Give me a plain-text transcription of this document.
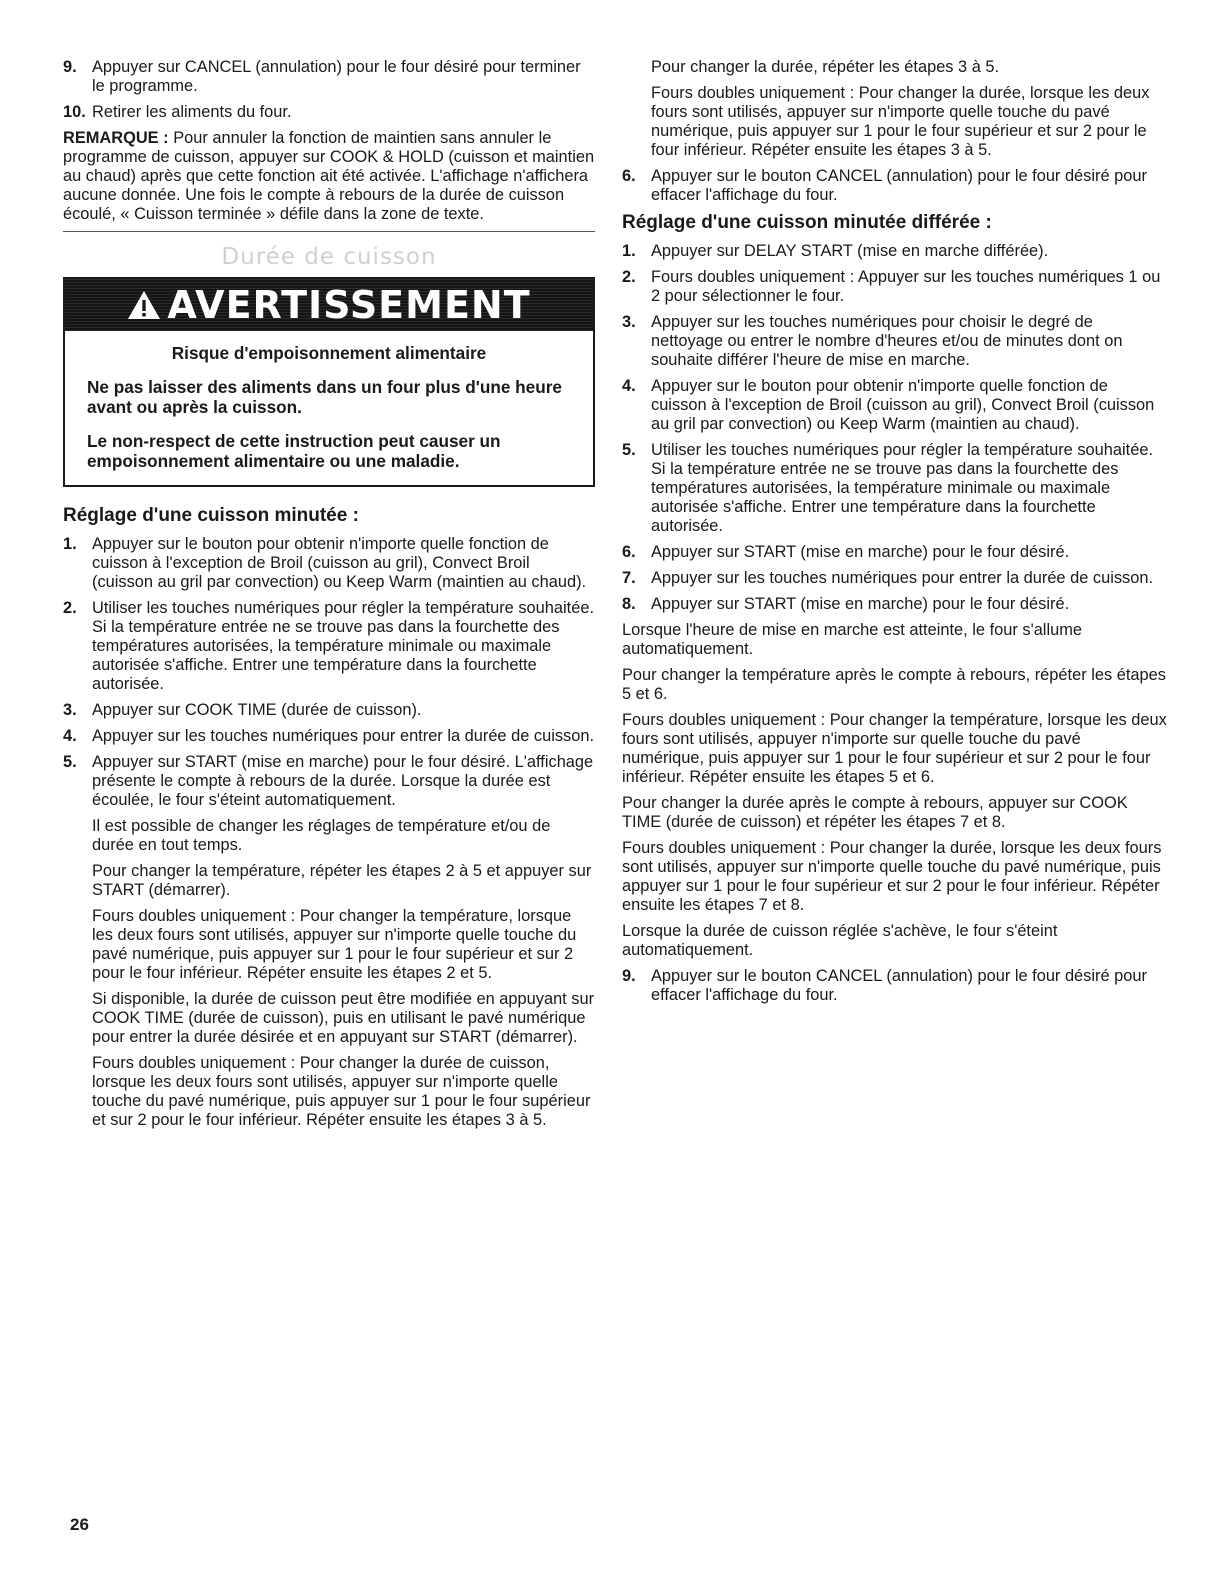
9. Appuyer sur CANCEL (annulation) pour le four désiré pour terminer le programme.

10. Retirer les aliments du four.

REMARQUE : Pour annuler la fonction de maintien sans annuler le programme de cuisson, appuyer sur COOK & HOLD (cuisson et maintien au chaud) après que cette fonction ait été activée. L'affichage n'affichera aucune donnée. Une fois le compte à rebours de la durée de cuisson écoulé, « Cuisson terminée » défile dans la zone de texte.

Durée de cuisson
AVERTISSEMENT

Risque d'empoisonnement alimentaire

Ne pas laisser des aliments dans un four plus d'une heure avant ou après la cuisson.

Le non-respect de cette instruction peut causer un empoisonnement alimentaire ou une maladie.

Réglage d'une cuisson minutée :
1. Appuyer sur le bouton pour obtenir n'importe quelle fonction de cuisson à l'exception de Broil (cuisson au gril), Convect Broil (cuisson au gril par convection) ou Keep Warm (maintien au chaud).

2. Utiliser les touches numériques pour régler la température souhaitée. Si la température entrée ne se trouve pas dans la fourchette des températures autorisées, la température minimale ou maximale autorisée s'affiche. Entrer une température dans la fourchette autorisée.

3. Appuyer sur COOK TIME (durée de cuisson).

4. Appuyer sur les touches numériques pour entrer la durée de cuisson.

5. Appuyer sur START (mise en marche) pour le four désiré. L'affichage présente le compte à rebours de la durée. Lorsque la durée est écoulée, le four s'éteint automatiquement.

Il est possible de changer les réglages de température et/ou de durée en tout temps.

Pour changer la température, répéter les étapes 2 à 5 et appuyer sur START (démarrer).

Fours doubles uniquement : Pour changer la température, lorsque les deux fours sont utilisés, appuyer sur n'importe quelle touche du pavé numérique, puis appuyer sur 1 pour le four supérieur et sur 2 pour le four inférieur. Répéter ensuite les étapes 2 et 5.

Si disponible, la durée de cuisson peut être modifiée en appuyant sur COOK TIME (durée de cuisson), puis en utilisant le pavé numérique pour entrer la durée désirée et en appuyant sur START (démarrer).

Fours doubles uniquement : Pour changer la durée de cuisson, lorsque les deux fours sont utilisés, appuyer sur n'importe quelle touche du pavé numérique, puis appuyer sur 1 pour le four supérieur et sur 2 pour le four inférieur. Répéter ensuite les étapes 3 à 5.

Pour changer la durée, répéter les étapes 3 à 5.

Fours doubles uniquement : Pour changer la durée, lorsque les deux fours sont utilisés, appuyer sur n'importe quelle touche du pavé numérique, puis appuyer sur 1 pour le four supérieur et sur 2 pour le four inférieur. Répéter ensuite les étapes 3 à 5.

6. Appuyer sur le bouton CANCEL (annulation) pour le four désiré pour effacer l'affichage du four.

Réglage d'une cuisson minutée différée :
1. Appuyer sur DELAY START (mise en marche différée).

2. Fours doubles uniquement : Appuyer sur les touches numériques 1 ou 2 pour sélectionner le four.

3. Appuyer sur les touches numériques pour choisir le degré de nettoyage ou entrer le nombre d'heures et/ou de minutes dont on souhaite différer l'heure de mise en marche.

4. Appuyer sur le bouton pour obtenir n'importe quelle fonction de cuisson à l'exception de Broil (cuisson au gril), Convect Broil (cuisson au gril par convection) ou Keep Warm (maintien au chaud).

5. Utiliser les touches numériques pour régler la température souhaitée. Si la température entrée ne se trouve pas dans la fourchette des températures autorisées, la température minimale ou maximale autorisée s'affiche. Entrer une température dans la fourchette autorisée.

6. Appuyer sur START (mise en marche) pour le four désiré.

7. Appuyer sur les touches numériques pour entrer la durée de cuisson.

8. Appuyer sur START (mise en marche) pour le four désiré.

Lorsque l'heure de mise en marche est atteinte, le four s'allume automatiquement.

Pour changer la température après le compte à rebours, répéter les étapes 5 et 6.

Fours doubles uniquement : Pour changer la température, lorsque les deux fours sont utilisés, appuyer n'importe sur quelle touche du pavé numérique, puis appuyer sur 1 pour le four supérieur et sur 2 pour le four inférieur. Répéter ensuite les étapes 5 et 6.

Pour changer la durée après le compte à rebours, appuyer sur COOK TIME (durée de cuisson) et répéter les étapes 7 et 8.

Fours doubles uniquement : Pour changer la durée, lorsque les deux fours sont utilisés, appuyer sur n'importe quelle touche du pavé numérique, puis appuyer sur 1 pour le four supérieur et sur 2 pour le four inférieur. Répéter ensuite les étapes 7 et 8.

Lorsque la durée de cuisson réglée s'achève, le four s'éteint automatiquement.

9. Appuyer sur le bouton CANCEL (annulation) pour le four désiré pour effacer l'affichage du four.

26
